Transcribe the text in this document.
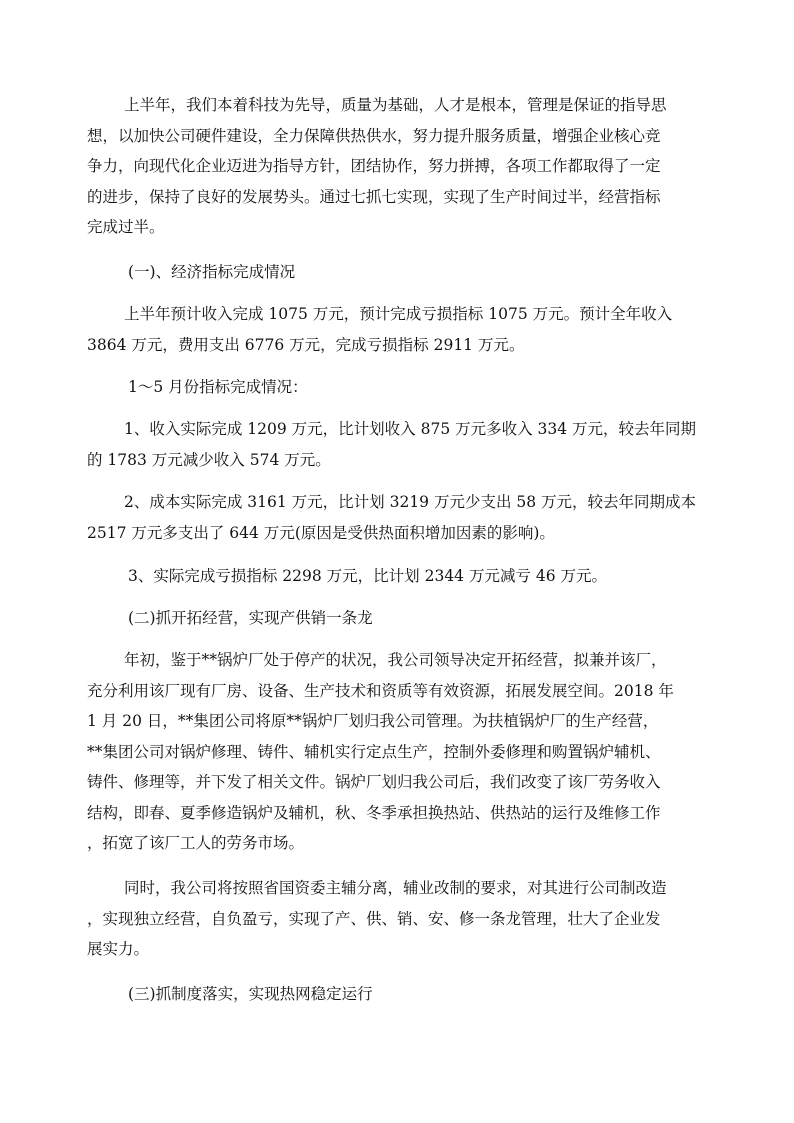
上半年，我们本着科技为先导，质量为基础，人才是根本，管理是保证的指导思
想，以加快公司硬件建设，全力保障供热供水，努力提升服务质量，增强企业核心竞
争力，向现代化企业迈进为指导方针，团结协作，努力拼搏，各项工作都取得了一定
的进步，保持了良好的发展势头。通过七抓七实现，实现了生产时间过半，经营指标
完成过半。

(一)、经济指标完成情况

上半年预计收入完成 1075 万元，预计完成亏损指标 1075 万元。预计全年收入
3864 万元，费用支出 6776 万元，完成亏损指标 2911 万元。

1～5 月份指标完成情况：

1、收入实际完成 1209 万元，比计划收入 875 万元多收入 334 万元，较去年同期
的 1783 万元减少收入 574 万元。
2、成本实际完成 3161 万元，比计划 3219 万元少支出 58 万元，较去年同期成本
2517 万元多支出了 644 万元(原因是受供热面积增加因素的影响)。

3、实际完成亏损指标 2298 万元，比计划 2344 万元减亏 46 万元。

(二)抓开拓经营，实现产供销一条龙

年初，鉴于**锅炉厂处于停产的状况，我公司领导决定开拓经营，拟兼并该厂，
充分利用该厂现有厂房、设备、生产技术和资质等有效资源，拓展发展空间。2018 年
1 月 20 日，**集团公司将原**锅炉厂划归我公司管理。为扶植锅炉厂的生产经营，
**集团公司对锅炉修理、铸件、辅机实行定点生产，控制外委修理和购置锅炉辅机、
铸件、修理等，并下发了相关文件。锅炉厂划归我公司后，我们改变了该厂劳务收入
结构，即春、夏季修造锅炉及辅机，秋、冬季承担换热站、供热站的运行及维修工作
，拓宽了该厂工人的劳务市场。
同时，我公司将按照省国资委主辅分离，辅业改制的要求，对其进行公司制改造
，实现独立经营，自负盈亏，实现了产、供、销、安、修一条龙管理，壮大了企业发
展实力。

(三)抓制度落实，实现热网稳定运行
